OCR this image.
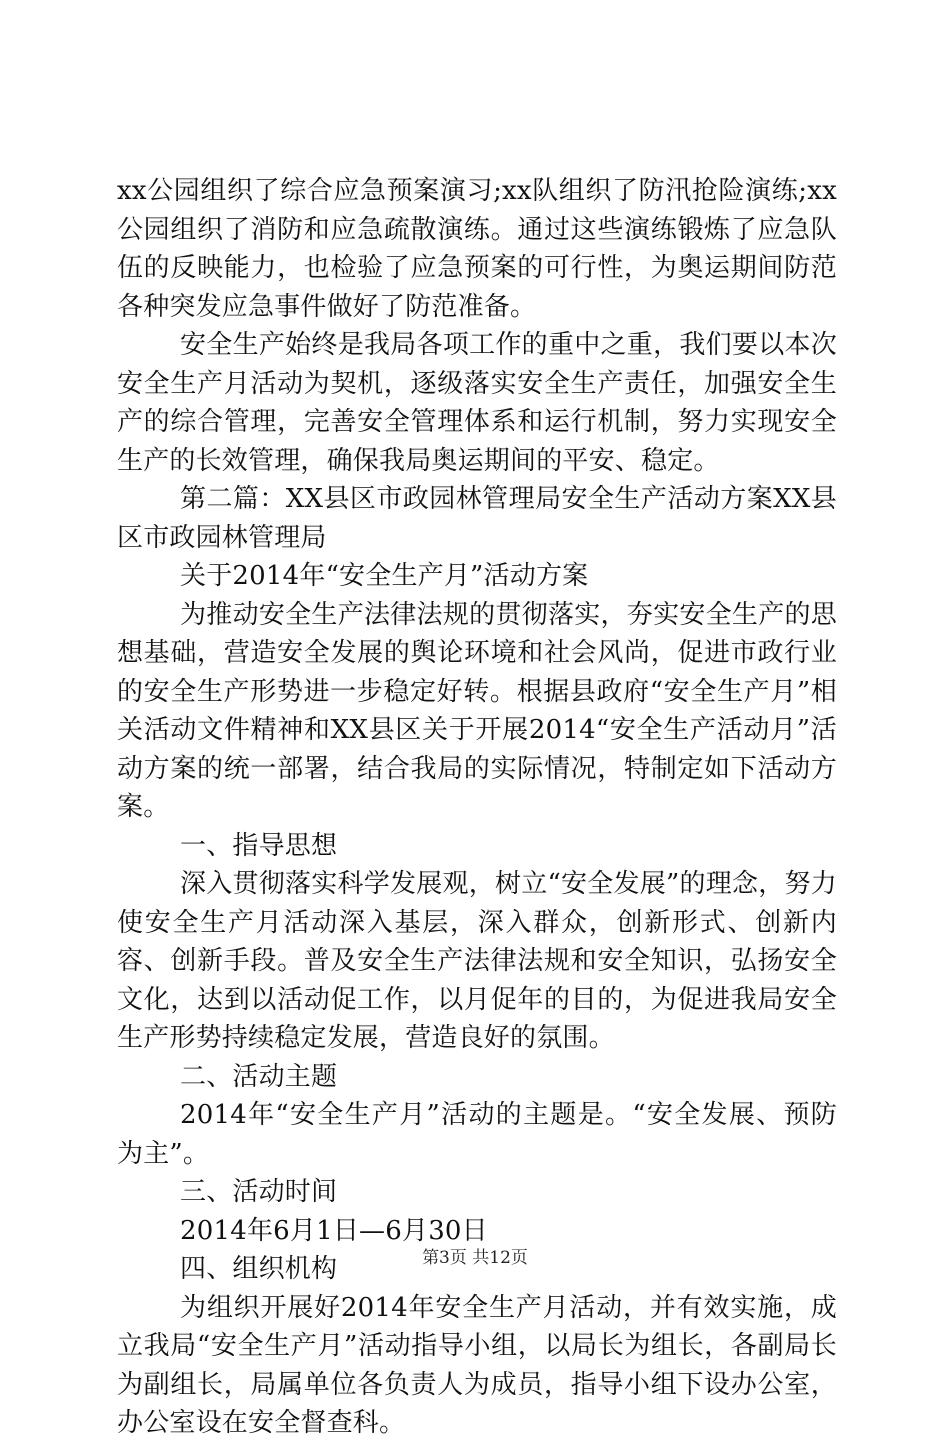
xx公园组织了综合应急预案演习;xx队组织了防汛抢险演练;xx公园组织了消防和应急疏散演练。通过这些演练锻炼了应急队伍的反映能力，也检验了应急预案的可行性，为奥运期间防范各种突发应急事件做好了防范准备。

安全生产始终是我局各项工作的重中之重，我们要以本次安全生产月活动为契机，逐级落实安全生产责任，加强安全生产的综合管理，完善安全管理体系和运行机制，努力实现安全生产的长效管理，确保我局奥运期间的平安、稳定。

第二篇：XX县区市政园林管理局安全生产活动方案XX县区市政园林管理局

关于2014年“安全生产月”活动方案

为推动安全生产法律法规的贯彻落实，夯实安全生产的思想基础，营造安全发展的舆论环境和社会风尚，促进市政行业的安全生产形势进一步稳定好转。根据县政府“安全生产月”相关活动文件精神和XX县区关于开展2014“安全生产活动月”活动方案的统一部署，结合我局的实际情况，特制定如下活动方案。

一、指导思想

深入贯彻落实科学发展观，树立“安全发展”的理念，努力使安全生产月活动深入基层，深入群众，创新形式、创新内容、创新手段。普及安全生产法律法规和安全知识，弘扬安全文化，达到以活动促工作，以月促年的目的，为促进我局安全生产形势持续稳定发展，营造良好的氛围。

二、活动主题

2014年“安全生产月”活动的主题是。“安全发展、预防为主”。

三、活动时间

2014年6月1日—6月30日

四、组织机构

为组织开展好2014年安全生产月活动，并有效实施，成立我局“安全生产月”活动指导小组，以局长为组长，各副局长为副组长，局属单位各负责人为成员，指导小组下设办公室，办公室设在安全督查科。

第3页 共12页
